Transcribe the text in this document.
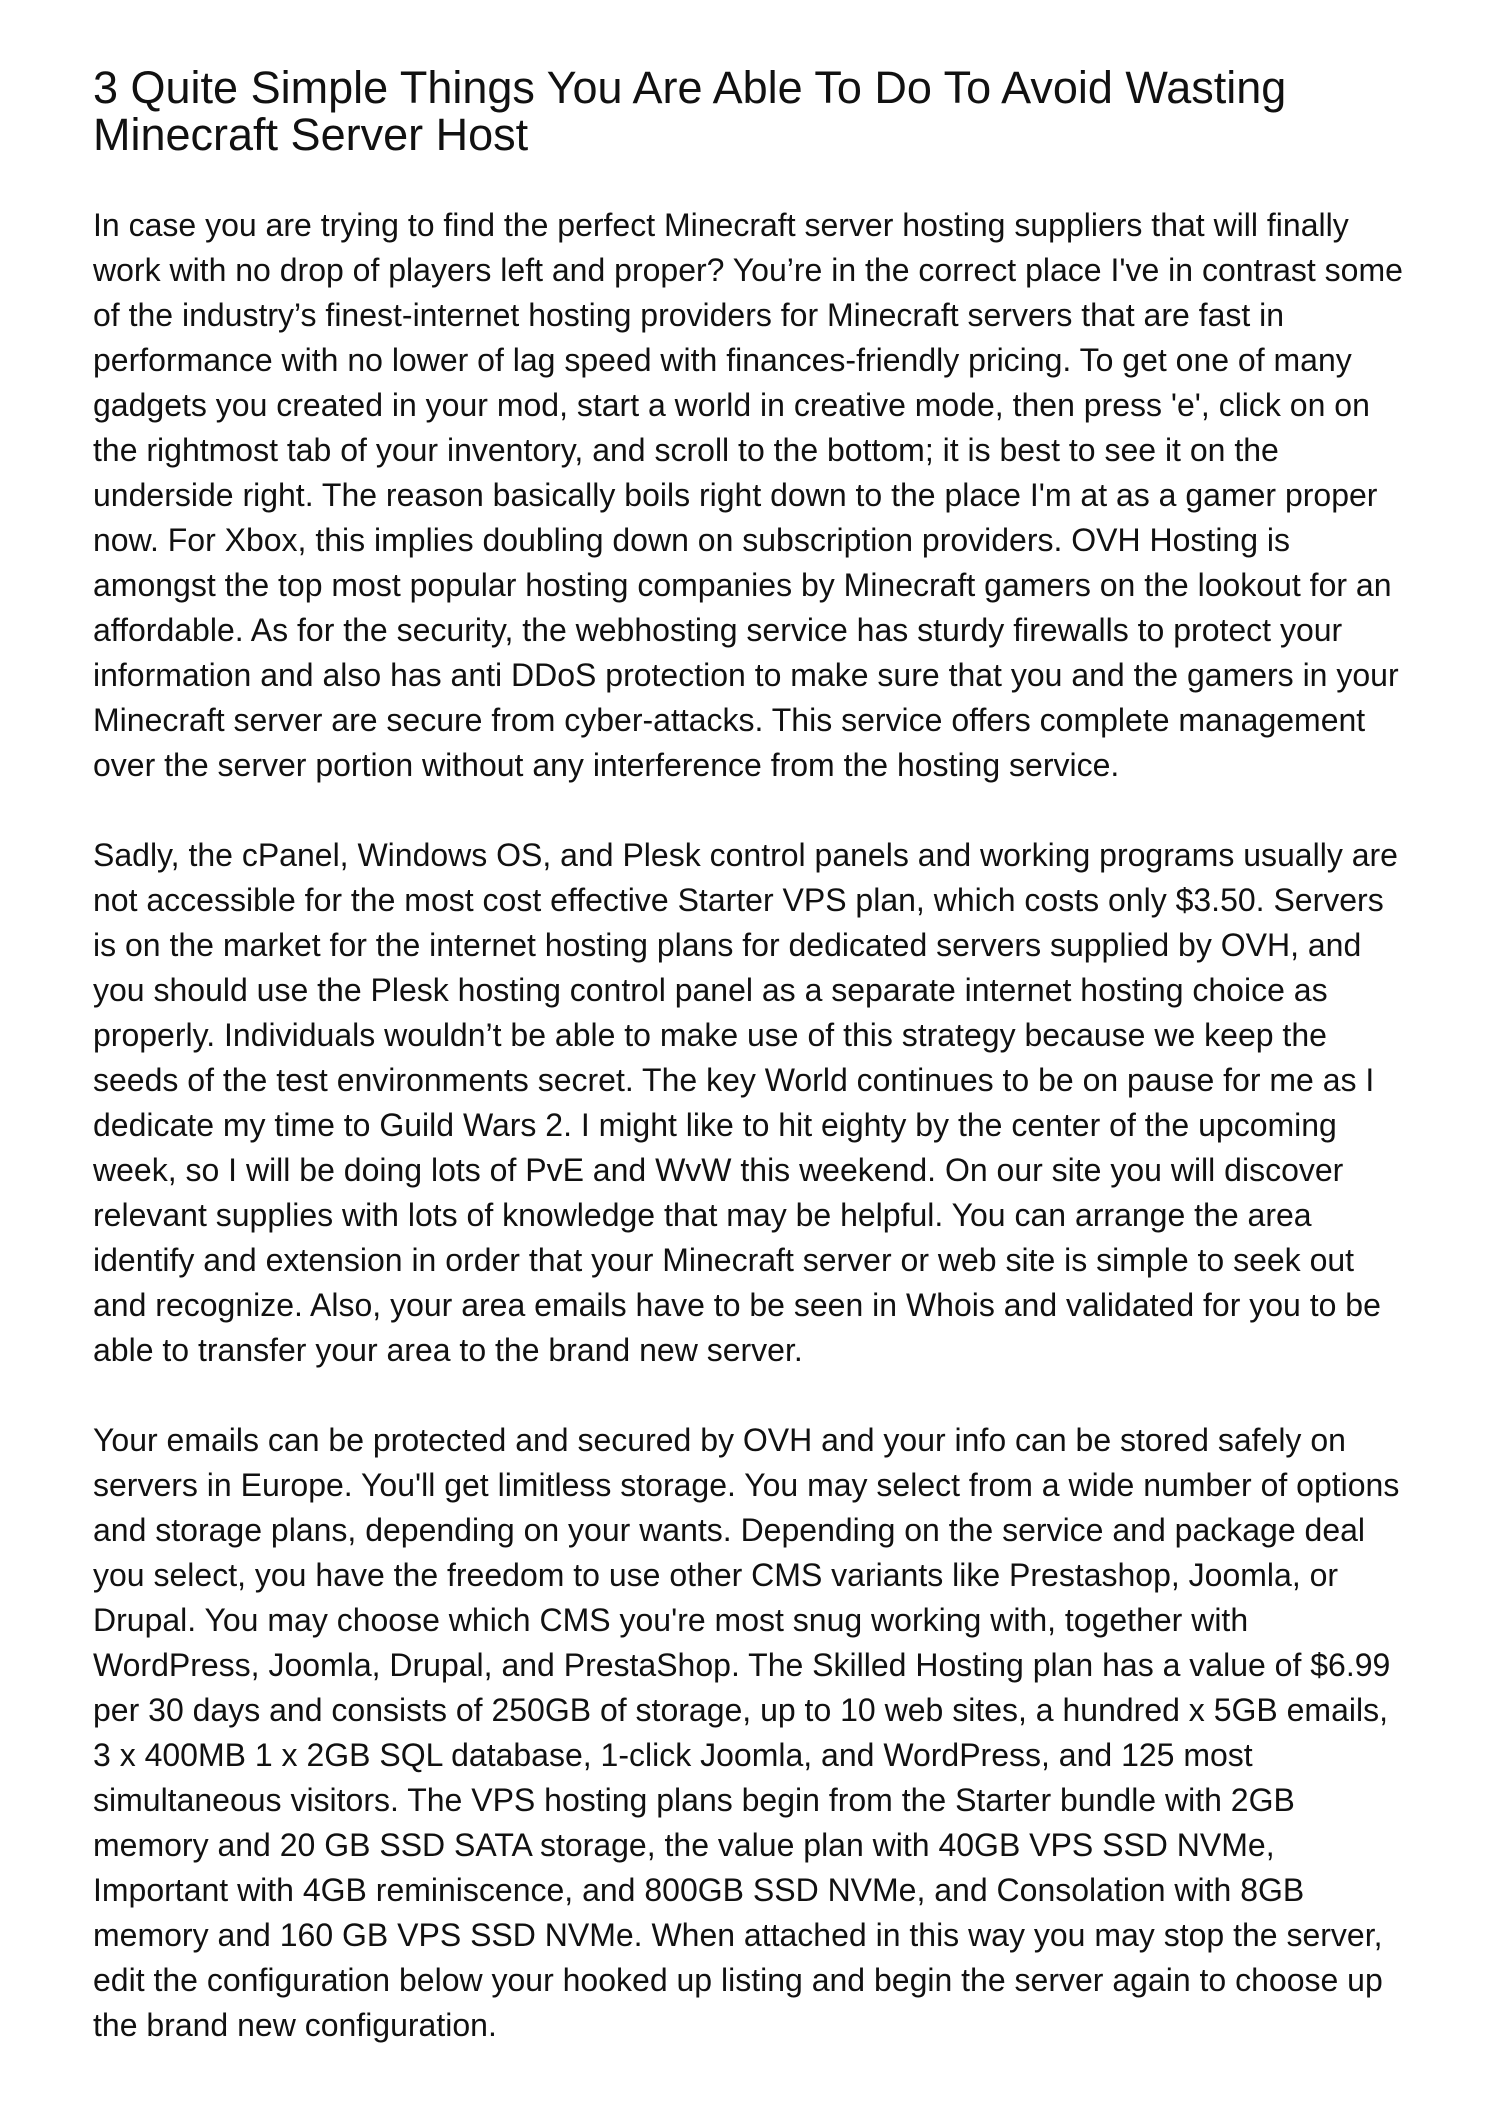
3 Quite Simple Things You Are Able To Do To Avoid Wasting Minecraft Server Host

In case you are trying to find the perfect Minecraft server hosting suppliers that will finally work with no drop of players left and proper? You’re in the correct place I've in contrast some of the industry’s finest-internet hosting providers for Minecraft servers that are fast in performance with no lower of lag speed with finances-friendly pricing. To get one of many gadgets you created in your mod, start a world in creative mode, then press 'e', click on on the rightmost tab of your inventory, and scroll to the bottom; it is best to see it on the underside right. The reason basically boils right down to the place I'm at as a gamer proper now. For Xbox, this implies doubling down on subscription providers. OVH Hosting is amongst the top most popular hosting companies by Minecraft gamers on the lookout for an affordable. As for the security, the webhosting service has sturdy firewalls to protect your information and also has anti DDoS protection to make sure that you and the gamers in your Minecraft server are secure from cyber-attacks. This service offers complete management over the server portion without any interference from the hosting service.

Sadly, the cPanel, Windows OS, and Plesk control panels and working programs usually are not accessible for the most cost effective Starter VPS plan, which costs only $3.50. Servers is on the market for the internet hosting plans for dedicated servers supplied by OVH, and you should use the Plesk hosting control panel as a separate internet hosting choice as properly. Individuals wouldn’t be able to make use of this strategy because we keep the seeds of the test environments secret. The key World continues to be on pause for me as I dedicate my time to Guild Wars 2. I might like to hit eighty by the center of the upcoming week, so I will be doing lots of PvE and WvW this weekend. On our site you will discover relevant supplies with lots of knowledge that may be helpful. You can arrange the area identify and extension in order that your Minecraft server or web site is simple to seek out and recognize. Also, your area emails have to be seen in Whois and validated for you to be able to transfer your area to the brand new server.

Your emails can be protected and secured by OVH and your info can be stored safely on servers in Europe. You'll get limitless storage. You may select from a wide number of options and storage plans, depending on your wants. Depending on the service and package deal you select, you have the freedom to use other CMS variants like Prestashop, Joomla, or Drupal. You may choose which CMS you're most snug working with, together with WordPress, Joomla, Drupal, and PrestaShop. The Skilled Hosting plan has a value of $6.99 per 30 days and consists of 250GB of storage, up to 10 web sites, a hundred x 5GB emails, 3 x 400MB 1 x 2GB SQL database, 1-click Joomla, and WordPress, and 125 most simultaneous visitors. The VPS hosting plans begin from the Starter bundle with 2GB memory and 20 GB SSD SATA storage, the value plan with 40GB VPS SSD NVMe, Important with 4GB reminiscence, and 800GB SSD NVMe, and Consolation with 8GB memory and 160 GB VPS SSD NVMe. When attached in this way you may stop the server, edit the configuration below your hooked up listing and begin the server again to choose up the brand new configuration.
